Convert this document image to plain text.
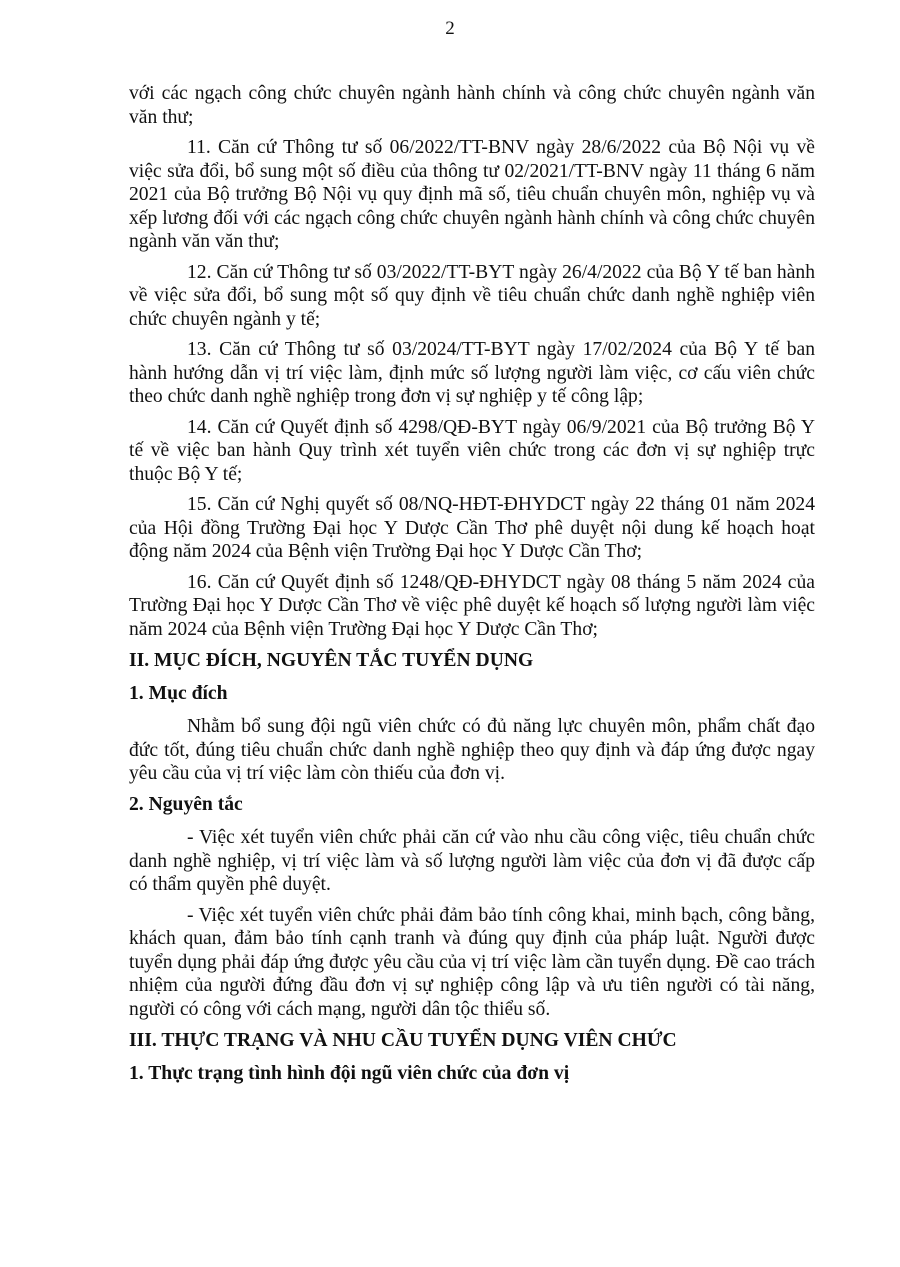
2

với các ngạch công chức chuyên ngành hành chính và công chức chuyên ngành văn văn thư;

11. Căn cứ Thông tư số 06/2022/TT-BNV ngày 28/6/2022 của Bộ Nội vụ về việc sửa đổi, bổ sung một số điều của thông tư 02/2021/TT-BNV ngày 11 tháng 6 năm 2021 của Bộ trưởng Bộ Nội vụ quy định mã số, tiêu chuẩn chuyên môn, nghiệp vụ và xếp lương đối với các ngạch công chức chuyên ngành hành chính và công chức chuyên ngành văn văn thư;

12. Căn cứ Thông tư số 03/2022/TT-BYT ngày 26/4/2022 của Bộ Y tế ban hành về việc sửa đổi, bổ sung một số quy định về tiêu chuẩn chức danh nghề nghiệp viên chức chuyên ngành y tế;

13. Căn cứ Thông tư số 03/2024/TT-BYT ngày 17/02/2024 của Bộ Y tế ban hành hướng dẫn vị trí việc làm, định mức số lượng người làm việc, cơ cấu viên chức theo chức danh nghề nghiệp trong đơn vị sự nghiệp y tế công lập;

14. Căn cứ Quyết định số 4298/QĐ-BYT ngày 06/9/2021 của Bộ trưởng Bộ Y tế về việc ban hành Quy trình xét tuyển viên chức trong các đơn vị sự nghiệp trực thuộc Bộ Y tế;

15. Căn cứ Nghị quyết số 08/NQ-HĐT-ĐHYDCT ngày 22 tháng 01 năm 2024 của Hội đồng Trường Đại học Y Dược Cần Thơ phê duyệt nội dung kế hoạch hoạt động năm 2024 của Bệnh viện Trường Đại học Y Dược Cần Thơ;

16. Căn cứ Quyết định số 1248/QĐ-ĐHYDCT ngày 08 tháng 5 năm 2024 của Trường Đại học Y Dược Cần Thơ về việc phê duyệt kế hoạch số lượng người làm việc năm 2024 của Bệnh viện Trường Đại học Y Dược Cần Thơ;

II. MỤC ĐÍCH, NGUYÊN TẮC TUYỂN DỤNG

1. Mục đích

Nhằm bổ sung đội ngũ viên chức có đủ năng lực chuyên môn, phẩm chất đạo đức tốt, đúng tiêu chuẩn chức danh nghề nghiệp theo quy định và đáp ứng được ngay yêu cầu của vị trí việc làm còn thiếu của đơn vị.

2. Nguyên tắc

- Việc xét tuyển viên chức phải căn cứ vào nhu cầu công việc, tiêu chuẩn chức danh nghề nghiệp, vị trí việc làm và số lượng người làm việc của đơn vị đã được cấp có thẩm quyền phê duyệt.

- Việc xét tuyển viên chức phải đảm bảo tính công khai, minh bạch, công bằng, khách quan, đảm bảo tính cạnh tranh và đúng quy định của pháp luật. Người được tuyển dụng phải đáp ứng được yêu cầu của vị trí việc làm cần tuyển dụng. Đề cao trách nhiệm của người đứng đầu đơn vị sự nghiệp công lập và ưu tiên người có tài năng, người có công với cách mạng, người dân tộc thiểu số.

III. THỰC TRẠNG VÀ NHU CẦU TUYỂN DỤNG VIÊN CHỨC

1. Thực trạng tình hình đội ngũ viên chức của đơn vị
